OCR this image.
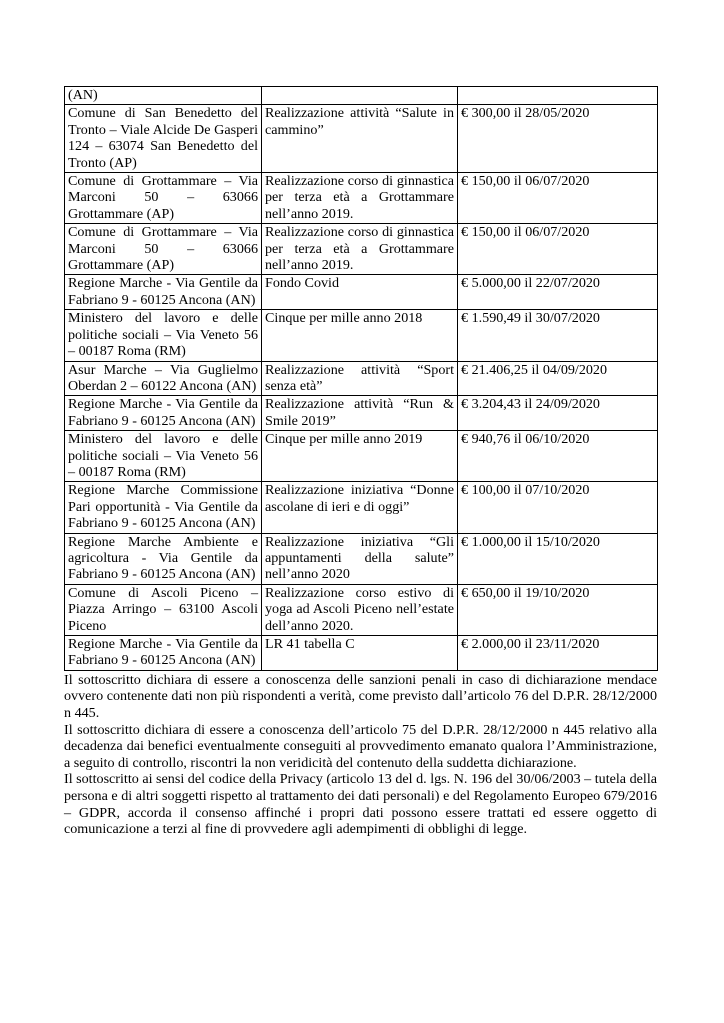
(AN)		
Comune di San Benedetto del Tronto – Viale Alcide De Gasperi 124 – 63074 San Benedetto del Tronto (AP)	Realizzazione attività “Salute in cammino”	€ 300,00 il 28/05/2020
Comune di Grottammare – Via Marconi 50 – 63066 Grottammare (AP)	Realizzazione corso di ginnastica per terza età a Grottammare nell’anno 2019.	€ 150,00 il 06/07/2020
Comune di Grottammare – Via Marconi 50 – 63066 Grottammare (AP)	Realizzazione corso di ginnastica per terza età a Grottammare nell’anno 2019.	€ 150,00 il 06/07/2020
Regione Marche - Via Gentile da Fabriano 9 - 60125 Ancona (AN)	Fondo Covid	€ 5.000,00 il 22/07/2020
Ministero del lavoro e delle politiche sociali – Via Veneto 56 – 00187 Roma (RM)	Cinque per mille anno 2018	€ 1.590,49 il 30/07/2020
Asur Marche – Via Guglielmo Oberdan 2 – 60122 Ancona (AN)	Realizzazione attività “Sport senza età”	€ 21.406,25 il 04/09/2020
Regione Marche - Via Gentile da Fabriano 9 - 60125 Ancona (AN)	Realizzazione attività “Run & Smile 2019”	€ 3.204,43 il 24/09/2020
Ministero del lavoro e delle politiche sociali – Via Veneto 56 – 00187 Roma (RM)	Cinque per mille anno 2019	€ 940,76 il 06/10/2020
Regione Marche Commissione Pari opportunità - Via Gentile da Fabriano 9 - 60125 Ancona (AN)	Realizzazione iniziativa “Donne ascolane di ieri e di oggi”	€ 100,00 il 07/10/2020
Regione Marche Ambiente e agricoltura - Via Gentile da Fabriano 9 - 60125 Ancona (AN)	Realizzazione iniziativa “Gli appuntamenti della salute” nell’anno 2020	€ 1.000,00 il 15/10/2020
Comune di Ascoli Piceno – Piazza Arringo – 63100 Ascoli Piceno	Realizzazione corso estivo di yoga ad Ascoli Piceno nell’estate dell’anno 2020.	€ 650,00 il 19/10/2020
Regione Marche - Via Gentile da Fabriano 9 - 60125 Ancona (AN)	LR 41 tabella C	€ 2.000,00 il 23/11/2020

Il sottoscritto dichiara di essere a conoscenza delle sanzioni penali in caso di dichiarazione mendace ovvero contenente dati non più rispondenti a verità, come previsto dall’articolo 76 del D.P.R. 28/12/2000 n 445.

Il sottoscritto dichiara di essere a conoscenza dell’articolo 75 del D.P.R. 28/12/2000 n 445 relativo alla decadenza dai benefici eventualmente conseguiti al provvedimento emanato qualora l’Amministrazione, a seguito di controllo, riscontri la non veridicità del contenuto della suddetta dichiarazione.

Il sottoscritto ai sensi del codice della Privacy (articolo 13 del d. lgs. N. 196 del 30/06/2003 – tutela della persona e di altri soggetti rispetto al trattamento dei dati personali) e del Regolamento Europeo 679/2016 – GDPR, accorda il consenso affinché i propri dati possono essere trattati ed essere oggetto di comunicazione a terzi al fine di provvedere agli adempimenti di obblighi di legge.
